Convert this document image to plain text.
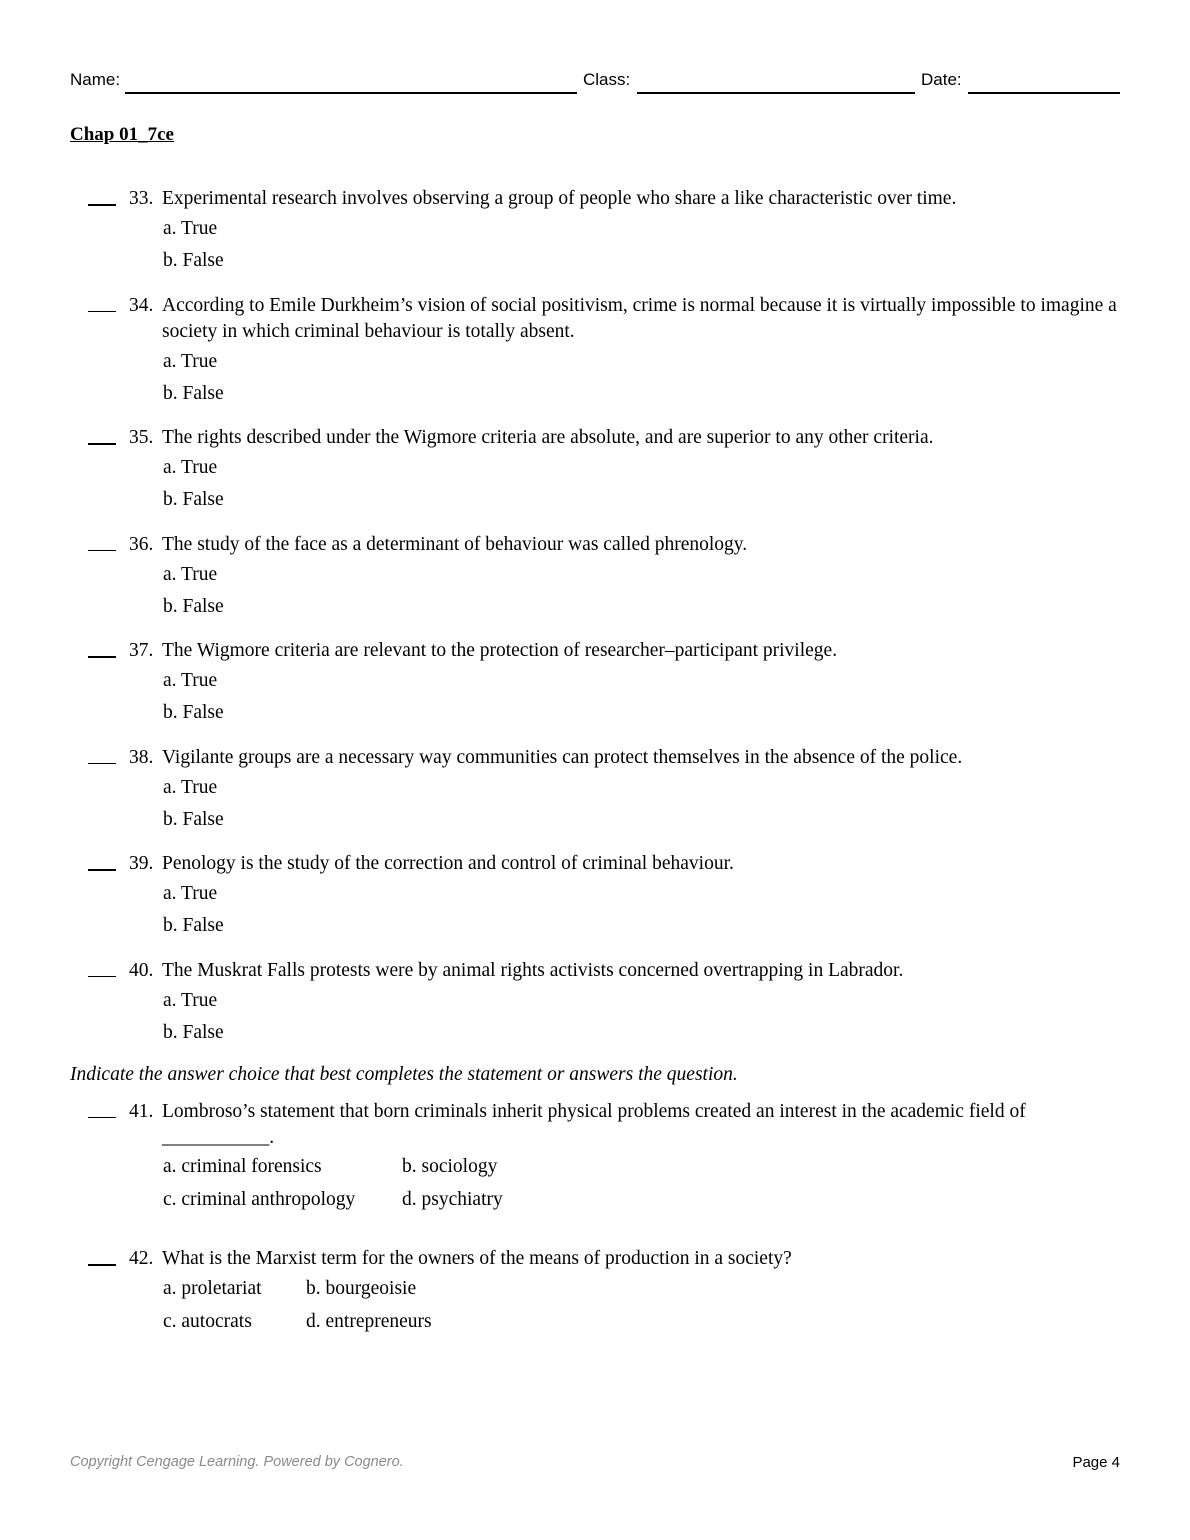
Name:	Class:	Date:
Chap 01_7ce
33. Experimental research involves observing a group of people who share a like characteristic over time.
a. True
b. False
34. According to Emile Durkheim’s vision of social positivism, crime is normal because it is virtually impossible to imagine a society in which criminal behaviour is totally absent.
a. True
b. False
35. The rights described under the Wigmore criteria are absolute, and are superior to any other criteria.
a. True
b. False
36. The study of the face as a determinant of behaviour was called phrenology.
a. True
b. False
37. The Wigmore criteria are relevant to the protection of researcher–participant privilege.
a. True
b. False
38. Vigilante groups are a necessary way communities can protect themselves in the absence of the police.
a. True
b. False
39. Penology is the study of the correction and control of criminal behaviour.
a. True
b. False
40. The Muskrat Falls protests were by animal rights activists concerned overtrapping in Labrador.
a. True
b. False
Indicate the answer choice that best completes the statement or answers the question.
41. Lombroso’s statement that born criminals inherit physical problems created an interest in the academic field of ___________.
a. criminal forensics	b. sociology
c. criminal anthropology d. psychiatry
42. What is the Marxist term for the owners of the means of production in a society?
a. proletariat b. bourgeoisie
c. autocrats	d. entrepreneurs
Copyright Cengage Learning. Powered by Cognero.	Page 4
